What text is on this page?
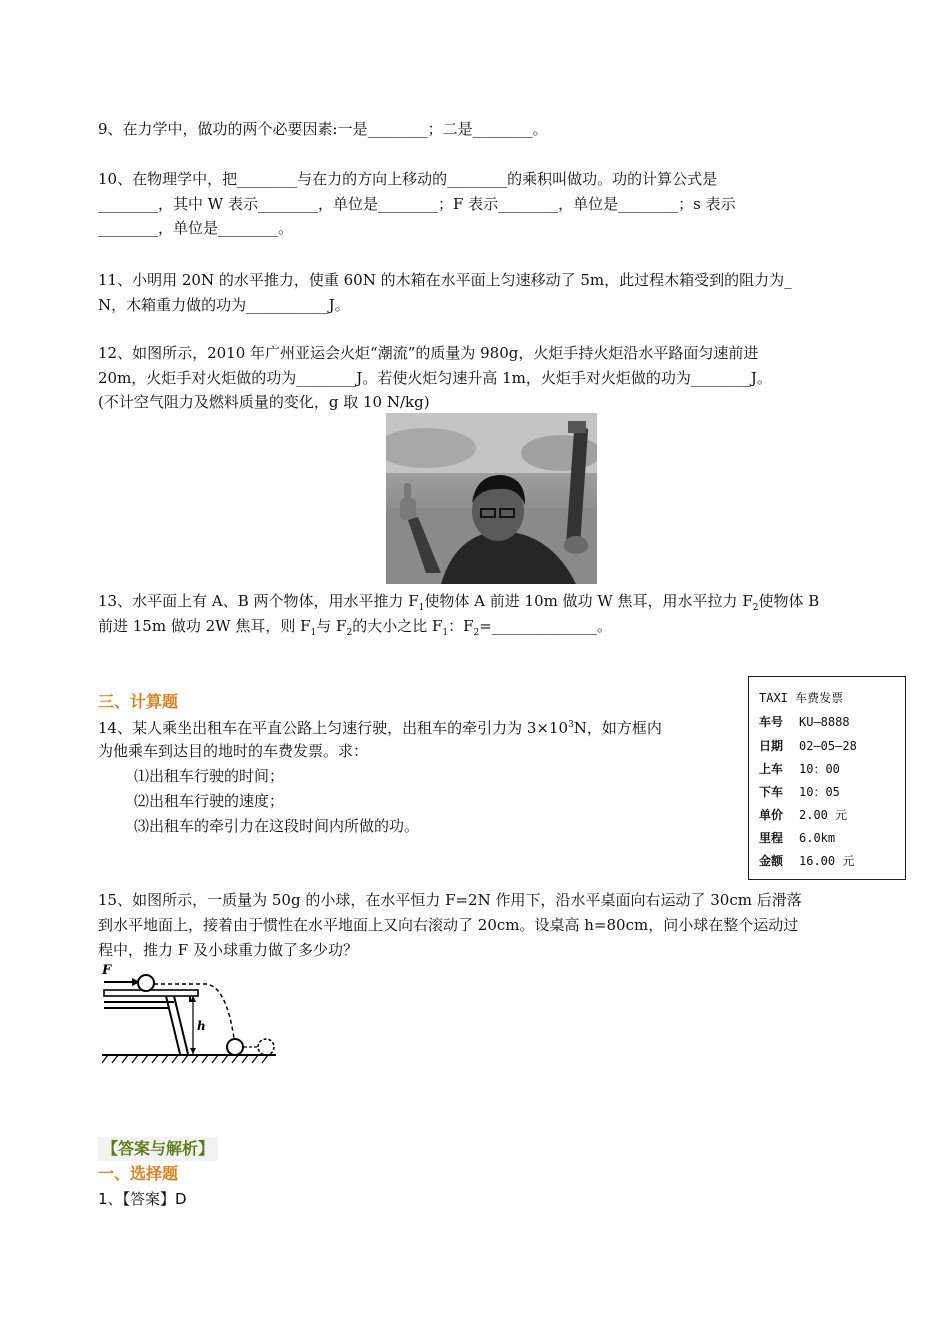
9、在力学中，做功的两个必要因素:一是________；二是________。
10、在物理学中，把________与在力的方向上移动的________的乘积叫做功。功的计算公式是
________，其中 W 表示________，单位是________；F 表示________，单位是________；s 表示
________，单位是________。
11、小明用 20N 的水平推力，使重 60N 的木箱在水平面上匀速移动了 5m，此过程木箱受到的阻力为_
N，木箱重力做的功为___________J。
12、如图所示，2010 年广州亚运会火炬“潮流”的质量为 980g，火炬手持火炬沿水平路面匀速前进
20m，火炬手对火炬做的功为________J。若使火炬匀速升高 1m，火炬手对火炬做的功为________J。
(不计空气阻力及燃料质量的变化，g 取 10 N/kg)
13、水平面上有 A、B 两个物体，用水平推力 $F_1$使物体 A 前进 10m 做功 W 焦耳，用水平拉力 $F_2$使物体 B
前进 15m 做功 2W 焦耳，则 $F_1$与 $F_2$的大小之比 $F_1$：$F_2=\_\_\_\_\_\_\_\_\_\_\_\_\_\_$。
三、计算题
14、某人乘坐出租车在平直公路上匀速行驶，出租车的牵引力为 $3\times 10^3N$，如方框内
为他乘车到达目的地时的车费发票。求：
⑴出租车行驶的时间；
⑵出租车行驶的速度；
⑶出租车的牵引力在这段时间内所做的功。
TAXI 车费发票
车号 KU—8888
日期 02—05—28
上车 10：00
下车 10：05
单价 2.00 元
里程 6.0km
金额 16.00 元
15、如图所示，一质量为 50g 的小球，在水平恒力 F=2N 作用下，沿水平桌面向右运动了 30cm 后滑落
到水平地面上，接着由于惯性在水平地面上又向右滚动了 20cm。设桌高 h=80cm，问小球在整个运动过
程中，推力 F 及小球重力做了多少功？
F
h
【答案与解析】
一、选择题
1、【答案】D
